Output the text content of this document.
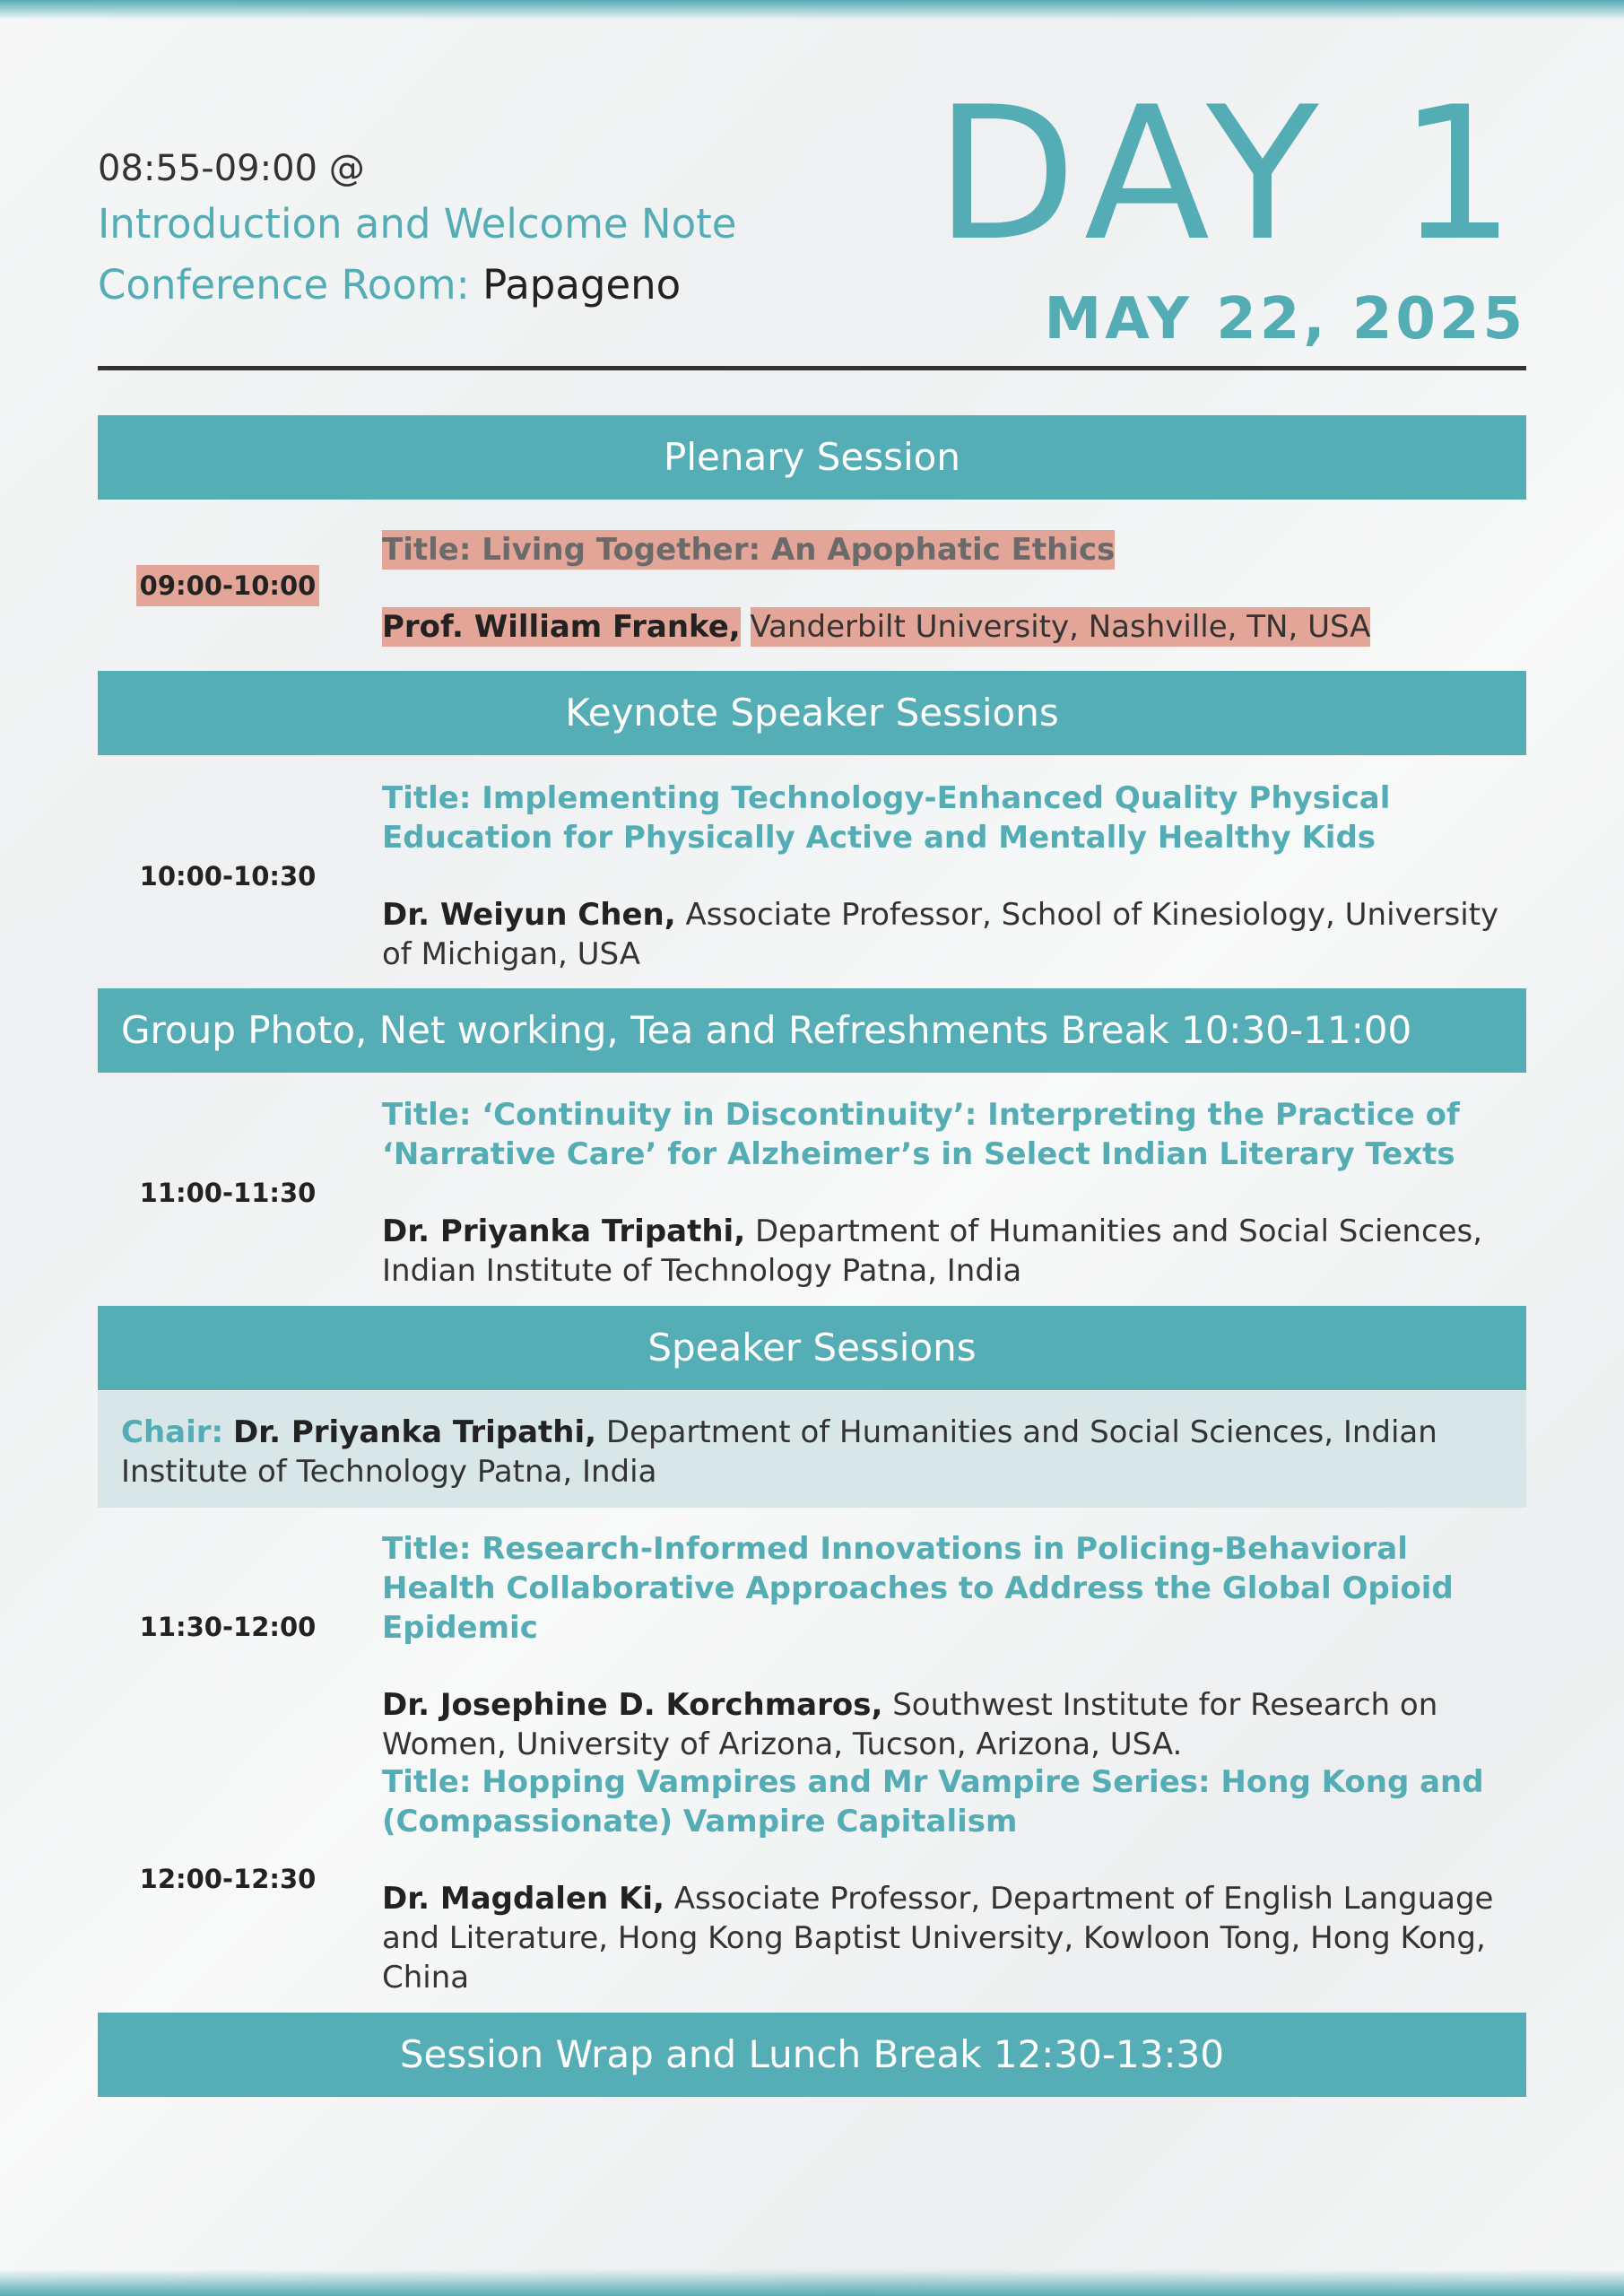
08:55-09:00 @
Introduction and Welcome Note
Conference Room: Papageno
DAY 1
MAY 22, 2025
Plenary Session
09:00-10:00

Title: Living Together: An Apophatic Ethics

Prof. William Franke, Vanderbilt University, Nashville, TN, USA

Keynote Speaker Sessions
10:00-10:30

Title: Implementing Technology-Enhanced Quality Physical Education for Physically Active and Mentally Healthy Kids

Dr. Weiyun Chen, Associate Professor, School of Kinesiology, University of Michigan, USA

Group Photo, Net working, Tea and Refreshments Break 10:30-11:00
11:00-11:30

Title: ‘Continuity in Discontinuity’: Interpreting the Practice of ‘Narrative Care’ for Alzheimer’s in Select Indian Literary Texts

Dr. Priyanka Tripathi, Department of Humanities and Social Sciences, Indian Institute of Technology Patna, India

Speaker Sessions
Chair: Dr. Priyanka Tripathi, Department of Humanities and Social Sciences, Indian Institute of Technology Patna, India
11:30-12:00

Title: Research-Informed Innovations in Policing-Behavioral Health Collaborative Approaches to Address the Global Opioid Epidemic

Dr. Josephine D. Korchmaros, Southwest Institute for Research on Women, University of Arizona, Tucson, Arizona, USA.

12:00-12:30

Title: Hopping Vampires and Mr Vampire Series: Hong Kong and (Compassionate) Vampire Capitalism

Dr. Magdalen Ki, Associate Professor, Department of English Language and Literature, Hong Kong Baptist University, Kowloon Tong, Hong Kong, China

Session Wrap and Lunch Break 12:30-13:30
